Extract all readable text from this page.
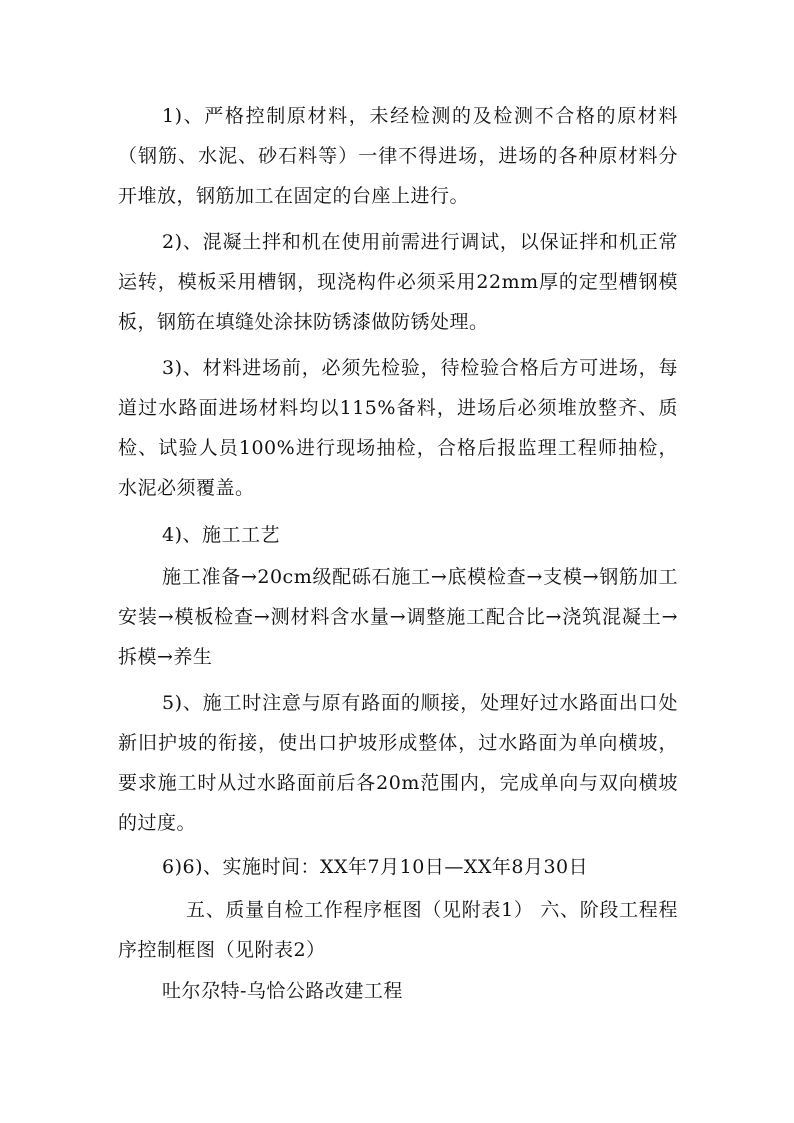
1)、严格控制原材料，未经检测的及检测不合格的原材料（钢筋、水泥、砂石料等）一律不得进场，进场的各种原材料分开堆放，钢筋加工在固定的台座上进行。

2)、混凝土拌和机在使用前需进行调试，以保证拌和机正常运转，模板采用槽钢，现浇构件必须采用22mm厚的定型槽钢模板，钢筋在填缝处涂抹防锈漆做防锈处理。

3)、材料进场前，必须先检验，待检验合格后方可进场，每道过水路面进场材料均以115%备料，进场后必须堆放整齐、质检、试验人员100%进行现场抽检，合格后报监理工程师抽检，水泥必须覆盖。

4)、施工工艺

施工准备→20cm级配砾石施工→底模检查→支模→钢筋加工安装→模板检查→测材料含水量→调整施工配合比→浇筑混凝土→拆模→养生

5)、施工时注意与原有路面的顺接，处理好过水路面出口处新旧护坡的衔接，使出口护坡形成整体，过水路面为单向横坡，要求施工时从过水路面前后各20m范围内，完成单向与双向横坡的过度。

6)6)、实施时间：XX年7月10日—XX年8月30日

五、质量自检工作程序框图（见附表1） 六、阶段工程程序控制框图（见附表2）

吐尔尕特-乌恰公路改建工程
